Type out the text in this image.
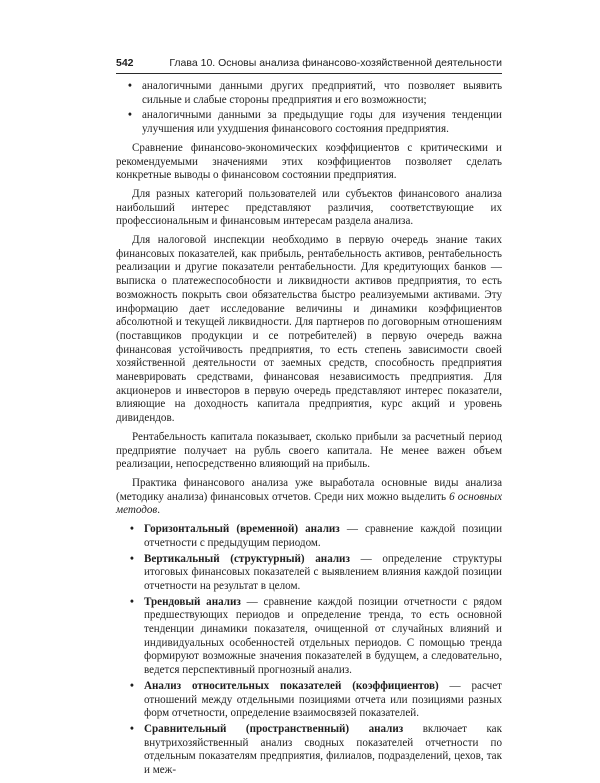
542	Глава 10. Основы анализа финансово-хозяйственной деятельности
• аналогичными данными других предприятий, что позволяет выявить сильные и слабые стороны предприятия и его возможности;
• аналогичными данными за предыдущие годы для изучения тенденции улучшения или ухудшения финансового состояния предприятия.

Сравнение финансово-экономических коэффициентов с критическими и рекомендуемыми значениями этих коэффициентов позволяет сделать конкретные выводы о финансовом состоянии предприятия.

Для разных категорий пользователей или субъектов финансового анализа наибольший интерес представляют различия, соответствующие их профессиональным и финансовым интересам раздела анализа.

Для налоговой инспекции необходимо в первую очередь знание таких финансовых показателей, как прибыль, рентабельность активов, рентабельность реализации и другие показатели рентабельности. Для кредитующих банков — выписка о платежеспособности и ликвидности активов предприятия, то есть возможность покрыть свои обязательства быстро реализуемыми активами. Эту информацию дает исследование величины и динамики коэффициентов абсолютной и текущей ликвидности. Для партнеров по договорным отношениям (поставщиков продукции и се потребителей) в первую очередь важна финансовая устойчивость предприятия, то есть степень зависимости своей хозяйственной деятельности от заемных средств, способность предприятия маневрировать средствами, финансовая независимость предприятия. Для акционеров и инвесторов в первую очередь представляют интерес показатели, влияющие на доходность капитала предприятия, курс акций и уровень дивидендов.

Рентабельность капитала показывает, сколько прибыли за расчетный период предприятие получает на рубль своего капитала. Не менее важен объем реализации, непосредственно влияющий на прибыль.

Практика финансового анализа уже выработала основные виды анализа (методику анализа) финансовых отчетов. Среди них можно выделить 6 основных методов.

• Горизонтальный (временной) анализ — сравнение каждой позиции отчетности с предыдущим периодом.
• Вертикальный (структурный) анализ — определение структуры итоговых финансовых показателей с выявлением влияния каждой позиции отчетности на результат в целом.
• Трендовый анализ — сравнение каждой позиции отчетности с рядом предшествующих периодов и определение тренда, то есть основной тенденции динамики показателя, очищенной от случайных влияний и индивидуальных особенностей отдельных периодов. С помощью тренда формируют возможные значения показателей в будущем, а следовательно, ведется перспективный прогнозный анализ.
• Анализ относительных показателей (коэффициентов) — расчет отношений между отдельными позициями отчета или позициями разных форм отчетности, определение взаимосвязей показателей.
• Сравнительный (пространственный) анализ включает как внутрихозяйственный анализ сводных показателей отчетности по отдельным показателям предприятия, филиалов, подразделений, цехов, так и меж-
